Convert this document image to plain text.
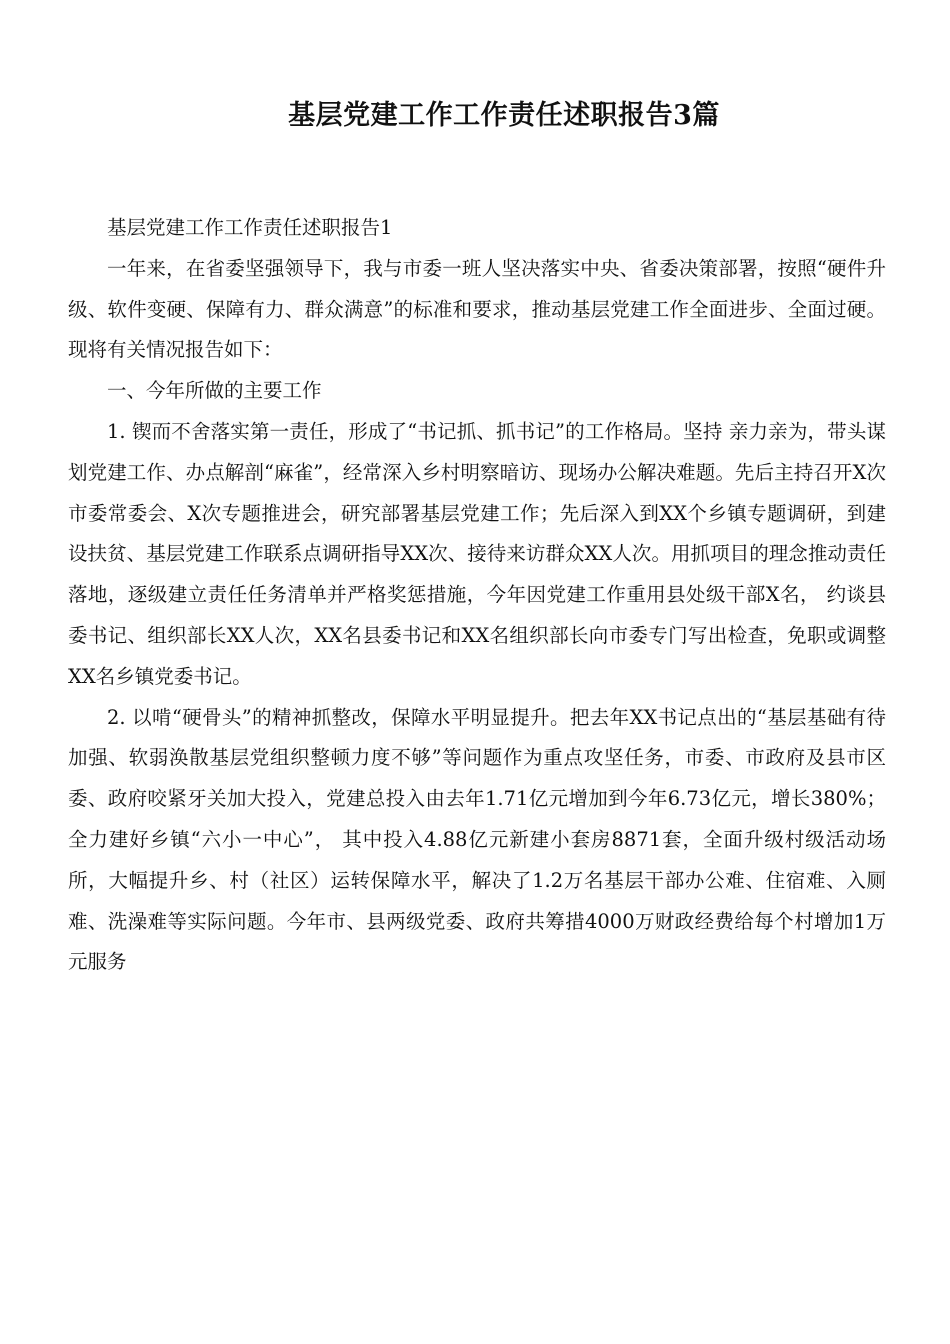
基层党建工作工作责任述职报告3篇

基层党建工作工作责任述职报告1

一年来，在省委坚强领导下，我与市委一班人坚决落实中央、省委决策部署，按照“硬件升级、软件变硬、保障有力、群众满意”的标准和要求，推动基层党建工作全面进步、全面过硬。现将有关情况报告如下：

一、今年所做的主要工作

1. 锲而不舍落实第一责任，形成了“书记抓、抓书记”的工作格局。坚持 亲力亲为，带头谋划党建工作、办点解剖“麻雀”，经常深入乡村明察暗访、现场办公解决难题。先后主持召开X次市委常委会、X次专题推进会，研究部署基层党建工作；先后深入到XX个乡镇专题调研，到建设扶贫、基层党建工作联系点调研指导XX次、接待来访群众XX人次。用抓项目的理念推动责任落地，逐级建立责任任务清单并严格奖惩措施，今年因党建工作重用县处级干部X名， 约谈县委书记、组织部长XX人次，XX名县委书记和XX名组织部长向市委专门写出检查，免职或调整XX名乡镇党委书记。

2. 以啃“硬骨头”的精神抓整改，保障水平明显提升。把去年XX书记点出的“基层基础有待加强、软弱涣散基层党组织整顿力度不够”等问题作为重点攻坚任务，市委、市政府及县市区委、政府咬紧牙关加大投入，党建总投入由去年1.71亿元增加到今年6.73亿元，增长380%；全力建好乡镇“六小一中心”， 其中投入4.88亿元新建小套房8871套，全面升级村级活动场所，大幅提升乡、村（社区）运转保障水平，解决了1.2万名基层干部办公难、住宿难、入厕难、洗澡难等实际问题。今年市、县两级党委、政府共筹措4000万财政经费给每个村增加1万元服务
